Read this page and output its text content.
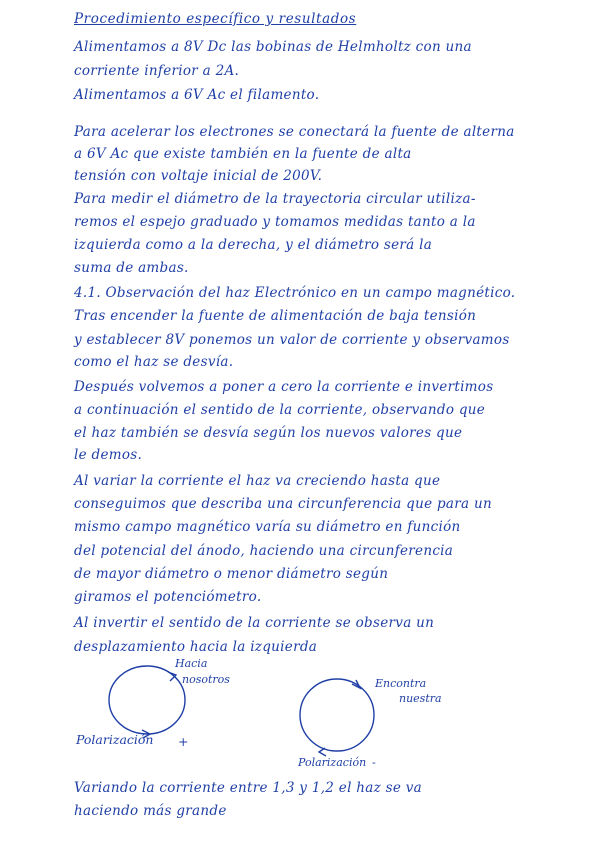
Procedimiento específico y resultados
Alimentamos a 8V Dc las bobinas de Helmholtz con una
corriente inferior a 2A.
Alimentamos a 6V Ac el filamento.
Para acelerar los electrones se conectará la fuente de alterna
a 6V Ac que existe también en la fuente de alta
tensión con voltaje inicial de 200V.
Para medir el diámetro de la trayectoria circular utiliza-
remos el espejo graduado y tomamos medidas tanto a la
izquierda como a la derecha, y el diámetro será la
suma de ambas.
4.1. Observación del haz Electrónico en un campo magnético.
Tras encender la fuente de alimentación de baja tensión
y establecer 8V ponemos un valor de corriente y observamos
como el haz se desvía.
Después volvemos a poner a cero la corriente e invertimos
a continuación el sentido de la corriente, observando que
el haz también se desvía según los nuevos valores que
le demos.
Al variar la corriente el haz va creciendo hasta que
conseguimos que describa una circunferencia que para un
mismo campo magnético varía su diámetro en función
del potencial del ánodo, haciendo una circunferencia
de mayor diámetro o menor diámetro según
giramos el potenciómetro.
Al invertir el sentido de la corriente se observa un
desplazamiento hacia la izquierda
Hacia
nosotros	Encontra
nuestra
Polarización +
Polarización -
Variando la corriente entre 1,3 y 1,2 el haz se va
haciendo más grande
